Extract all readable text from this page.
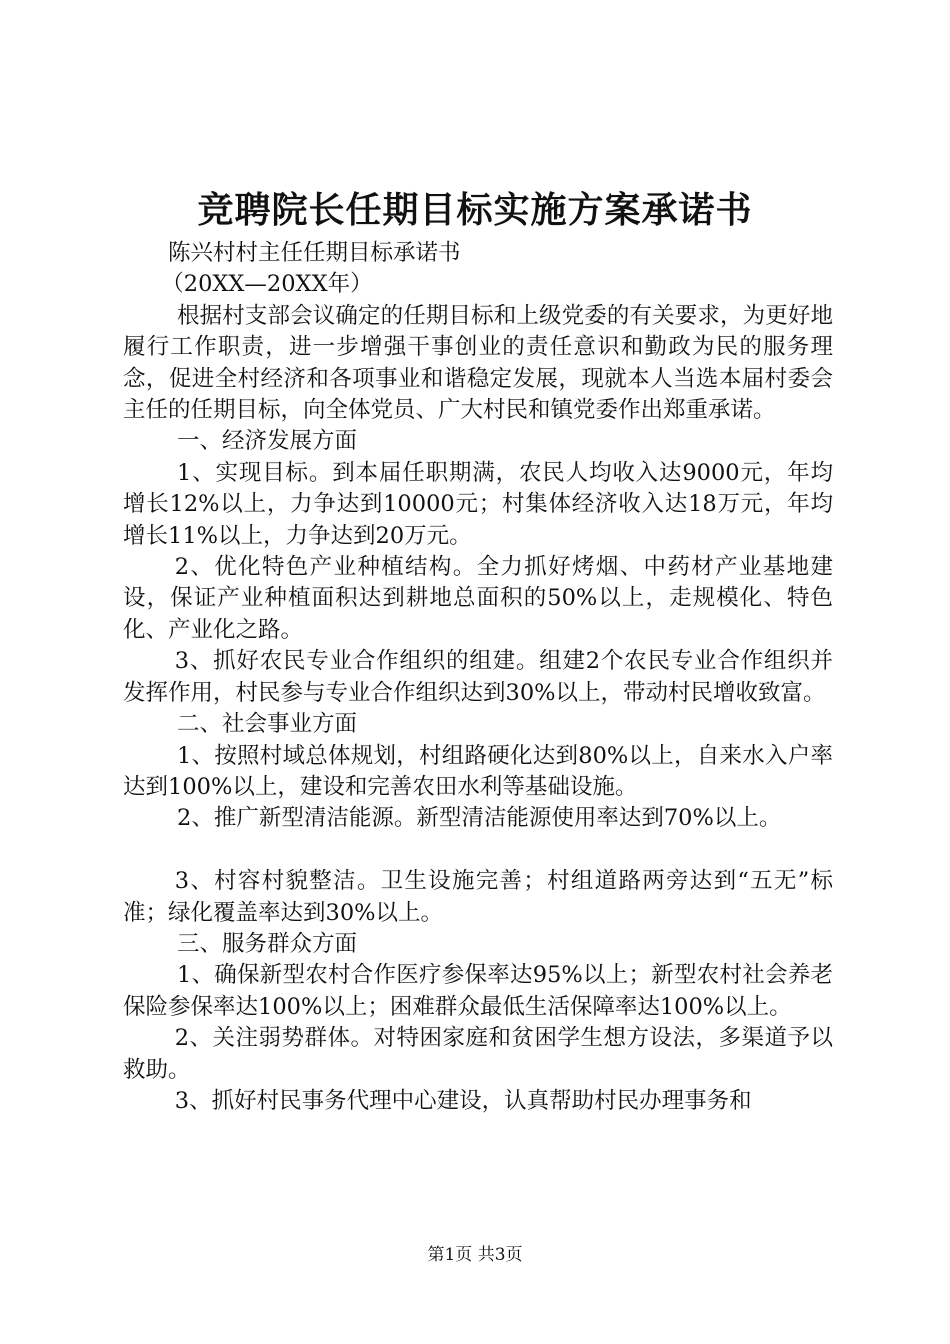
竞聘院长任期目标实施方案承诺书

陈兴村村主任任期目标承诺书

（20XX—20XX年）

根据村支部会议确定的任期目标和上级党委的有关要求，为更好地履行工作职责，进一步增强干事创业的责任意识和勤政为民的服务理念，促进全村经济和各项事业和谐稳定发展，现就本人当选本届村委会主任的任期目标，向全体党员、广大村民和镇党委作出郑重承诺。

一、经济发展方面

1、实现目标。到本届任职期满，农民人均收入达9000元，年均增长12%以上，力争达到10000元；村集体经济收入达18万元，年均增长11%以上，力争达到20万元。

2、优化特色产业种植结构。全力抓好烤烟、中药材产业基地建设，保证产业种植面积达到耕地总面积的50%以上，走规模化、特色化、产业化之路。

3、抓好农民专业合作组织的组建。组建2个农民专业合作组织并发挥作用，村民参与专业合作组织达到30%以上，带动村民增收致富。

二、社会事业方面

1、按照村域总体规划，村组路硬化达到80%以上，自来水入户率达到100%以上，建设和完善农田水利等基础设施。

2、推广新型清洁能源。新型清洁能源使用率达到70%以上。

3、村容村貌整洁。卫生设施完善；村组道路两旁达到“五无”标准；绿化覆盖率达到30%以上。

三、服务群众方面

1、确保新型农村合作医疗参保率达95%以上；新型农村社会养老保险参保率达100%以上；困难群众最低生活保障率达100%以上。

2、关注弱势群体。对特困家庭和贫困学生想方设法，多渠道予以救助。

3、抓好村民事务代理中心建设，认真帮助村民办理事务和

第1页 共3页
